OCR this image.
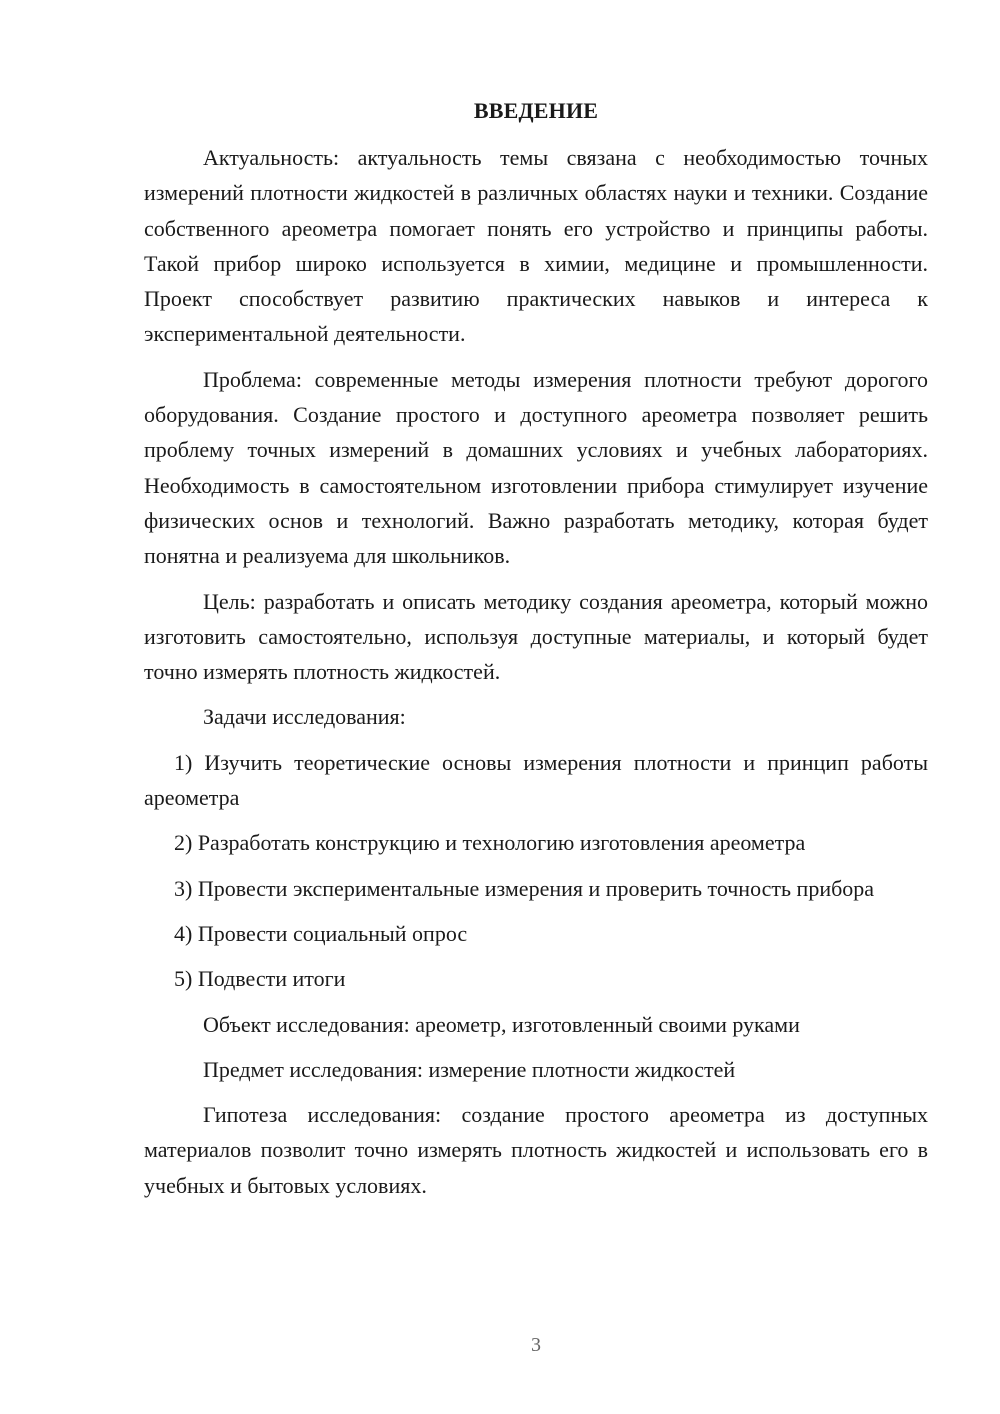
ВВЕДЕНИЕ

Актуальность: актуальность темы связана с необходимостью точных измерений плотности жидкостей в различных областях науки и техники. Создание собственного ареометра помогает понять его устройство и принципы работы. Такой прибор широко используется в химии, медицине и промышленности. Проект способствует развитию практических навыков и интереса к экспериментальной деятельности.

Проблема: современные методы измерения плотности требуют дорогого оборудования. Создание простого и доступного ареометра позволяет решить проблему точных измерений в домашних условиях и учебных лабораториях. Необходимость в самостоятельном изготовлении прибора стимулирует изучение физических основ и технологий. Важно разработать методику, которая будет понятна и реализуема для школьников.

Цель: разработать и описать методику создания ареометра, который можно изготовить самостоятельно, используя доступные материалы, и который будет точно измерять плотность жидкостей.

Задачи исследования:

1) Изучить теоретические основы измерения плотности и принцип работы ареометра

2) Разработать конструкцию и технологию изготовления ареометра

3) Провести экспериментальные измерения и проверить точность прибора

4) Провести социальный опрос

5) Подвести итоги

Объект исследования: ареометр, изготовленный своими руками

Предмет исследования: измерение плотности жидкостей

Гипотеза исследования: создание простого ареометра из доступных материалов позволит точно измерять плотность жидкостей и использовать его в учебных и бытовых условиях.

3
